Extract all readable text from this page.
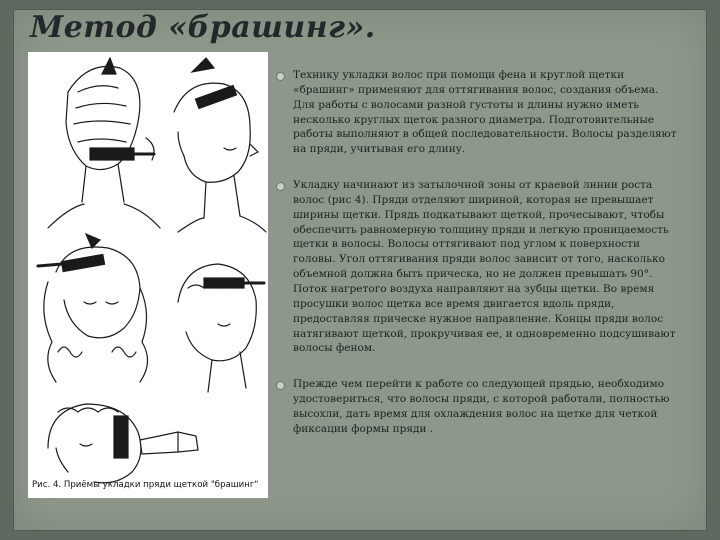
Метод «брашинг».
Рис. 4. Приёмы укладки пряди щеткой "брашинг"
Технику укладки волос при помощи фена и круглой щетки «брашинг» применяют для оттягивания волос, создания объема. Для работы с волосами разной густоты и длины нужно иметь несколько круглых щеток разного диаметра. Подготовительные работы выполняют в общей последовательности. Волосы разделяют на пряди, учитывая его длину.
Укладку начинают из затылочной зоны от краевой линии роста волос (рис 4). Пряди отделяют шириной, которая не превышает ширины щетки. Прядь подкатывают щеткой, прочесывают, чтобы обеспечить равномерную толщину пряди и легкую проницаемость щетки в волосы. Волосы оттягивают под углом к поверхности головы. Угол оттягивания пряди волос зависит от того, насколько объемной должна быть прическа, но не должен превышать 90°. Поток нагретого воздуха направляют на зубцы щетки. Во время просушки волос щетка все время двигается вдоль пряди, предоставляя прическе нужное направление. Концы пряди волос натягивают щеткой, прокручивая ее, и одновременно подсушивают волосы феном.
Прежде чем перейти к работе со следующей прядью, необходимо удостовериться, что волосы пряди, с которой работали, полностью высохли, дать время для охлаждения волос на щетке для четкой фиксации формы пряди .
